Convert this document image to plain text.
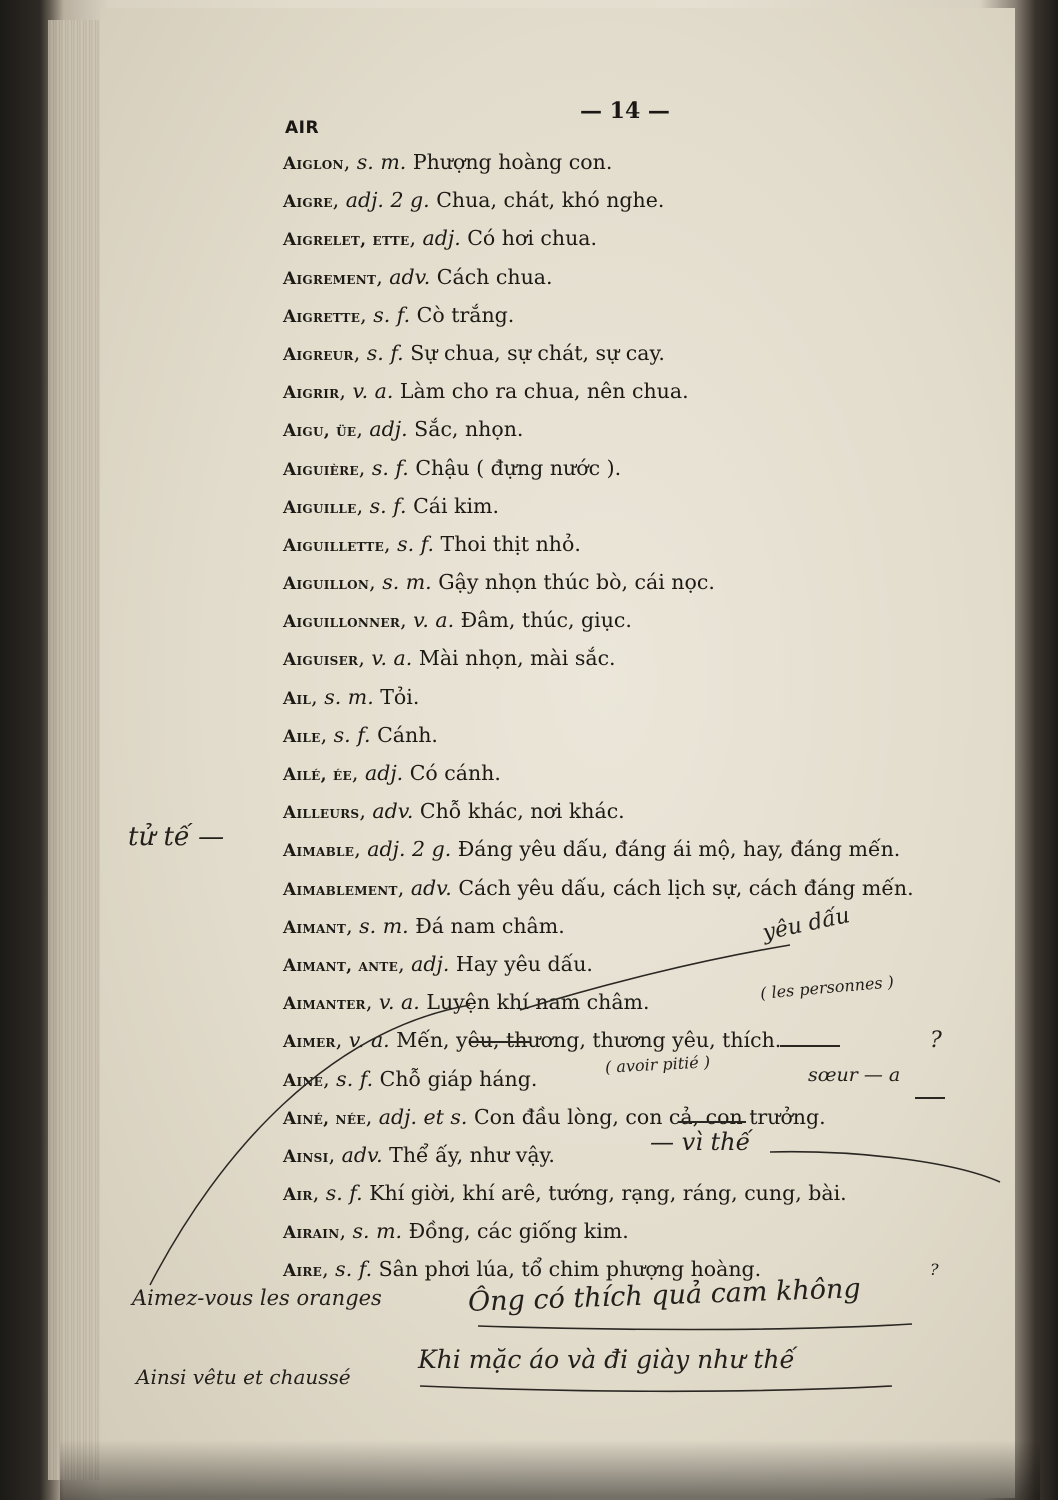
AIR
— 14 —
Aiglon, s. m. Phượng hoàng con.
Aigre, adj. 2 g. Chua, chát, khó nghe.
Aigrelet, ette, adj. Có hơi chua.
Aigrement, adv. Cách chua.
Aigrette, s. f. Cò trắng.
Aigreur, s. f. Sự chua, sự chát, sự cay.
Aigrir, v. a. Làm cho ra chua, nên chua.
Aigu, üe, adj. Sắc, nhọn.
Aiguière, s. f. Chậu ( đựng nước ).
Aiguille, s. f. Cái kim.
Aiguillette, s. f. Thoi thịt nhỏ.
Aiguillon, s. m. Gậy nhọn thúc bò, cái nọc.
Aiguillonner, v. a. Đâm, thúc, giục.
Aiguiser, v. a. Mài nhọn, mài sắc.
Ail, s. m. Tỏi.
Aile, s. f. Cánh.
Ailé, ée, adj. Có cánh.
Ailleurs, adv. Chỗ khác, nơi khác.
Aimable, adj. 2 g. Đáng yêu dấu, đáng ái mộ, hay, đáng mến.
Aimablement, adv. Cách yêu dấu, cách lịch sự, cách đáng mến.
Aimant, s. m. Đá nam châm.
Aimant, ante, adj. Hay yêu dấu.
Aimanter, v. a. Luyện khí nam châm.
Aimer, v. a. Mến, yêu, thương, thương yêu, thích.
Aine, s. f. Chỗ giáp háng.
Ainé, née, adj. et s. Con đầu lòng, con cả, con trưởng.
Ainsi, adv. Thể ấy, như vậy.
Air, s. f. Khí giời, khí arê, tướng, rạng, ráng, cung, bài.
Airain, s. m. Đồng, các giống kim.
Aire, s. f. Sân phơi lúa, tổ chim phượng hoàng.
tử tế —
yêu dấu
( les personnes )
( avoir pitié )
?
sœur — a
— vì thế
?
Aimez-vous les oranges	Ông có thích quả cam không
Ainsi vêtu et chaussé
Khi mặc áo và đi giày như thế
